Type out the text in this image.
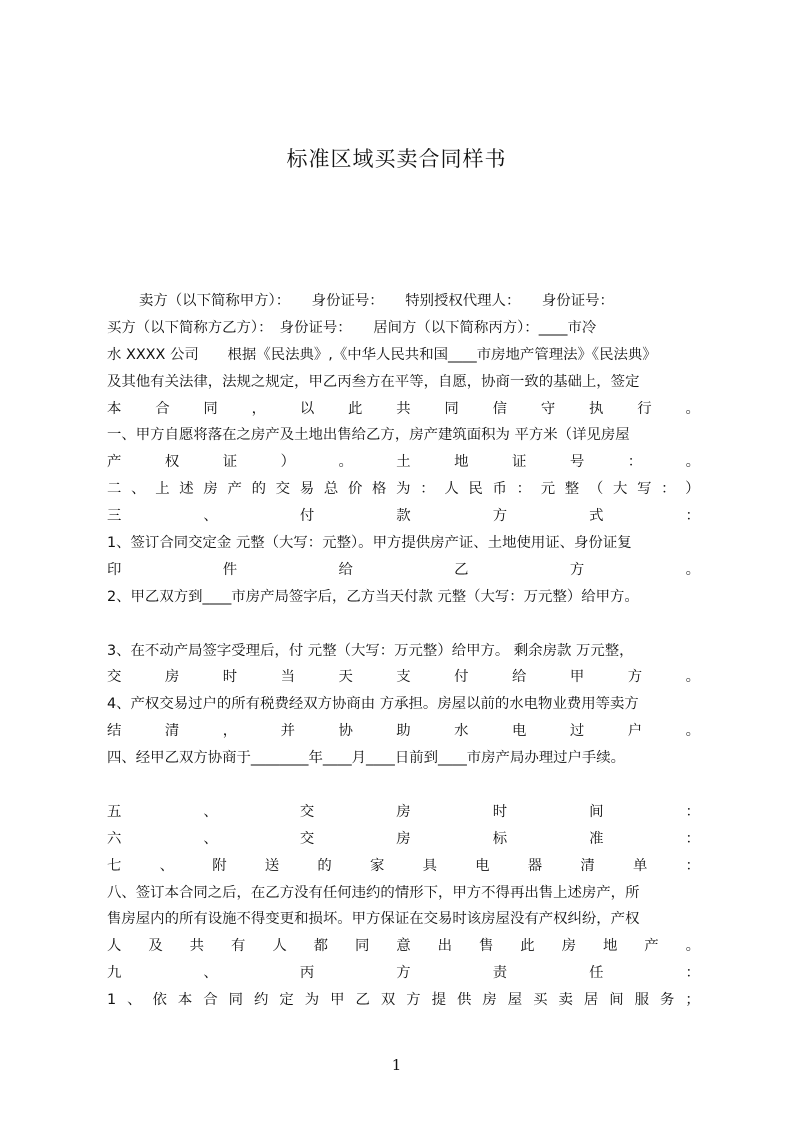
标准区域买卖合同样书
卖方（以下简称甲方）：　　身份证号：　　特别授权代理人：　　身份证号：
买方（以下简称方乙方）：　身份证号：　　居间方（以下简称丙方）：____市冷
水 XXXX 公司　　根据《民法典》,《中华人民共和国____市房地产管理法》《民法典》
及其他有关法律，法规之规定，甲乙丙叁方在平等，自愿，协商一致的基础上，签定
本 合 同 ， 以 此 共 同 信 守 执 行 。
一、甲方自愿将落在之房产及土地出售给乙方，房产建筑面积为 平方米（详见房屋
产	权	证	）	。	土	地	证	号	：	。
二 、 上 述 房 产 的 交 易 总 价 格 为 ： 人 民 币 ： 元 整 （ 大 写 ： ）
三	、	付	款	方	式	：
1、签订合同交定金 元整（大写：元整）。甲方提供房产证、土地使用证、身份证复
印	件	给	乙	方	。
2、甲乙双方到____市房产局签字后，乙方当天付款 元整（大写：万元整）给甲方。
3、在不动产局签字受理后，付 元整（大写：万元整）给甲方。 剩余房款 万元整，
交	房	时	当	天	支	付	给	甲	方	。
4、产权交易过户的所有税费经双方协商由 方承担。房屋以前的水电物业费用等卖方
结	清	，	并	协	助	水	电	过	户	。
四、经甲乙双方协商于________年____月____日前到____市房产局办理过户手续。
五	、	交	房	时	间	：
六	、	交	房	标	准	：
七	、	附	送	的	家	具	电	器	清	单	：
八、签订本合同之后，在乙方没有任何违约的情形下，甲方不得再出售上述房产，所
售房屋内的所有设施不得变更和损坏。甲方保证在交易时该房屋没有产权纠纷，产权
人 及 共 有 人 都 同 意 出 售 此 房 地 产 。
九	、	丙	方	责	任	：
1 、 依 本 合 同 约 定 为 甲 乙 双 方 提 供 房 屋 买 卖 居 间 服 务 ；
1
